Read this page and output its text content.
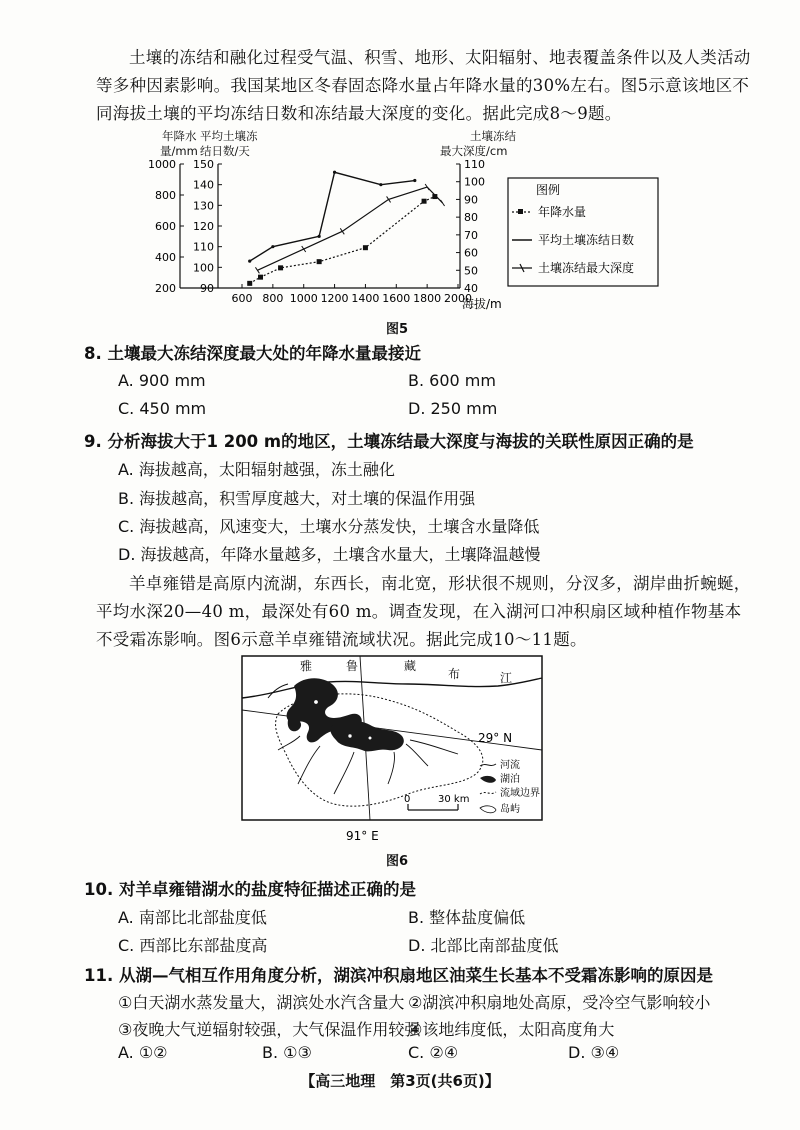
土壤的冻结和融化过程受气温、积雪、地形、太阳辐射、地表覆盖条件以及人类活动等多种因素影响。我国某地区冬春固态降水量占年降水量的30%左右。图5示意该地区不同海拔土壤的平均冻结日数和冻结最大深度的变化。据此完成8～9题。
年降水
量/mm
平均土壤冻
结日数/天
土壤冻结
最大深度/cm
200
400
600
800
1000
90
100
110
120
130
140
150
40
50
60
70
80
90
100
110
600 800 1000 1200 1400 1600 1800 2000
海拔/m
图例
年降水量
平均土壤冻结日数
土壤冻结最大深度
图5
8. 土壤最大冻结深度最大处的年降水量最接近
A. 900 mm	B. 600 mm
C. 450 mm	D. 250 mm
9. 分析海拔大于1 200 m的地区，土壤冻结最大深度与海拔的关联性原因正确的是
A. 海拔越高，太阳辐射越强，冻土融化
B. 海拔越高，积雪厚度越大，对土壤的保温作用强
C. 海拔越高，风速变大，土壤水分蒸发快，土壤含水量降低
D. 海拔越高，年降水量越多，土壤含水量大，土壤降温越慢
羊卓雍错是高原内流湖，东西长，南北宽，形状很不规则，分汊多，湖岸曲折蜿蜒，平均水深20—40 m，最深处有60 m。调查发现，在入湖河口冲积扇区域种植作物基本不受霜冻影响。图6示意羊卓雍错流域状况。据此完成10～11题。
雅	鲁	藏
布	江
29° N
91° E
0	30 km
河流
湖泊
流域边界
岛屿
图6
10. 对羊卓雍错湖水的盐度特征描述正确的是
A. 南部比北部盐度低	B. 整体盐度偏低
C. 西部比东部盐度高	D. 北部比南部盐度低
11. 从湖—气相互作用角度分析，湖滨冲积扇地区油菜生长基本不受霜冻影响的原因是
①白天湖水蒸发量大，湖滨处水汽含量大 ②湖滨冲积扇地处高原，受冷空气影响较小
③夜晚大气逆辐射较强，大气保温作用较强
④该地纬度低，太阳高度角大
A. ①②	B. ①③	C. ②④	D. ③④
【高三地理　第3页(共6页)】
